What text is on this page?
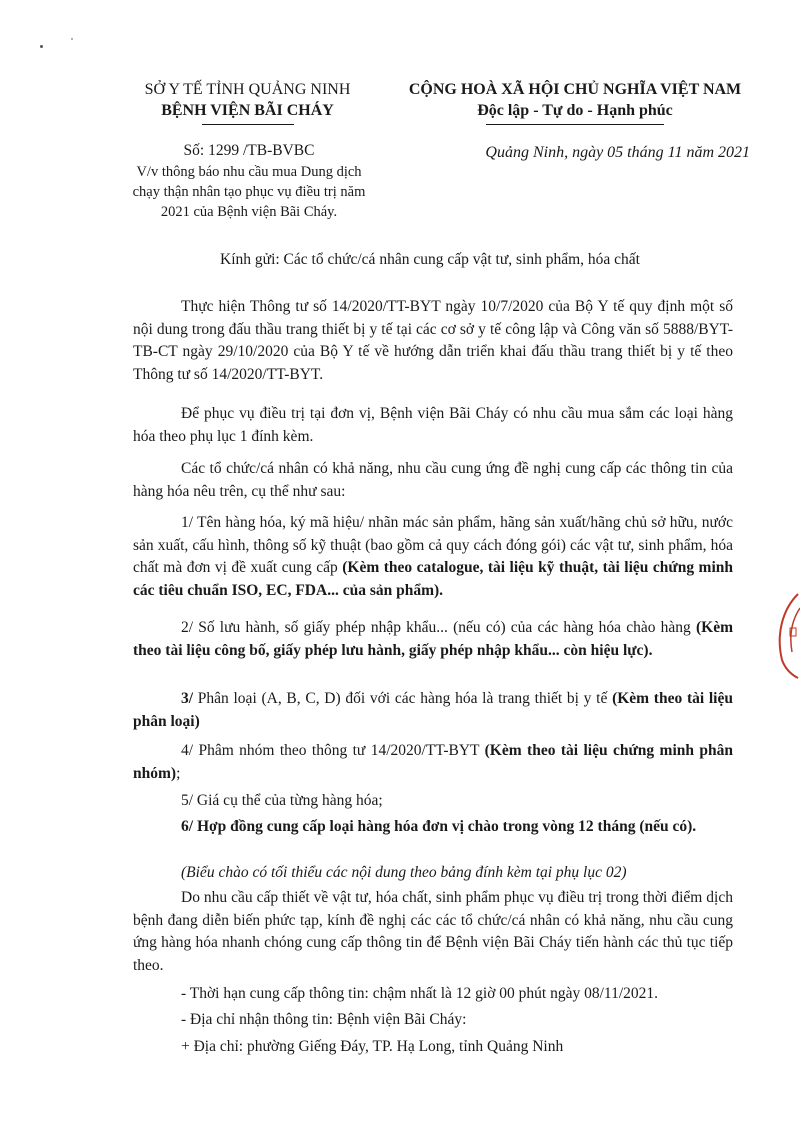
SỞ Y TẾ TỈNH QUẢNG NINH
BỆNH VIỆN BÃI CHÁY
CỘNG HOÀ XÃ HỘI CHỦ NGHĨA VIỆT NAM
Độc lập - Tự do - Hạnh phúc
Số: 1299 /TB-BVBC
V/v thông báo nhu cầu mua Dung dịch
chạy thận nhân tạo phục vụ điều trị năm
2021 của Bệnh viện Bãi Cháy.
Quảng Ninh, ngày 05 tháng 11 năm 2021
Kính gửi: Các tổ chức/cá nhân cung cấp vật tư, sinh phẩm, hóa chất
Thực hiện Thông tư số 14/2020/TT-BYT ngày 10/7/2020 của Bộ Y tế quy định một số nội dung trong đấu thầu trang thiết bị y tế tại các cơ sở y tế công lập và Công văn số 5888/BYT-TB-CT ngày 29/10/2020 của Bộ Y tế về hướng dẫn triển khai đấu thầu trang thiết bị y tế theo Thông tư số 14/2020/TT-BYT.
Để phục vụ điều trị tại đơn vị, Bệnh viện Bãi Cháy có nhu cầu mua sắm các loại hàng hóa theo phụ lục 1 đính kèm.
Các tổ chức/cá nhân có khả năng, nhu cầu cung ứng đề nghị cung cấp các thông tin của hàng hóa nêu trên, cụ thể như sau:
1/ Tên hàng hóa, ký mã hiệu/ nhãn mác sản phẩm, hãng sản xuất/hãng chủ sở hữu, nước sản xuất, cấu hình, thông số kỹ thuật (bao gồm cả quy cách đóng gói) các vật tư, sinh phẩm, hóa chất mà đơn vị đề xuất cung cấp (Kèm theo catalogue, tài liệu kỹ thuật, tài liệu chứng minh các tiêu chuẩn ISO, EC, FDA... của sản phẩm).
2/ Số lưu hành, số giấy phép nhập khẩu... (nếu có) của các hàng hóa chào hàng (Kèm theo tài liệu công bố, giấy phép lưu hành, giấy phép nhập khẩu... còn hiệu lực).
3/ Phân loại (A, B, C, D) đối với các hàng hóa là trang thiết bị y tế (Kèm theo tài liệu phân loại)
4/ Phâm nhóm theo thông tư 14/2020/TT-BYT (Kèm theo tài liệu chứng minh phân nhóm);
5/ Giá cụ thể của từng hàng hóa;
6/ Hợp đồng cung cấp loại hàng hóa đơn vị chào trong vòng 12 tháng (nếu có).
(Biểu chào có tối thiểu các nội dung theo bảng đính kèm tại phụ lục 02)
Do nhu cầu cấp thiết về vật tư, hóa chất, sinh phẩm phục vụ điều trị trong thời điểm dịch bệnh đang diễn biến phức tạp, kính đề nghị các các tổ chức/cá nhân có khả năng, nhu cầu cung ứng hàng hóa nhanh chóng cung cấp thông tin để Bệnh viện Bãi Cháy tiến hành các thủ tục tiếp theo.
- Thời hạn cung cấp thông tin: chậm nhất là 12 giờ 00 phút ngày 08/11/2021.
- Địa chỉ nhận thông tin: Bệnh viện Bãi Cháy:
+ Địa chỉ: phường Giếng Đáy, TP. Hạ Long, tỉnh Quảng Ninh
